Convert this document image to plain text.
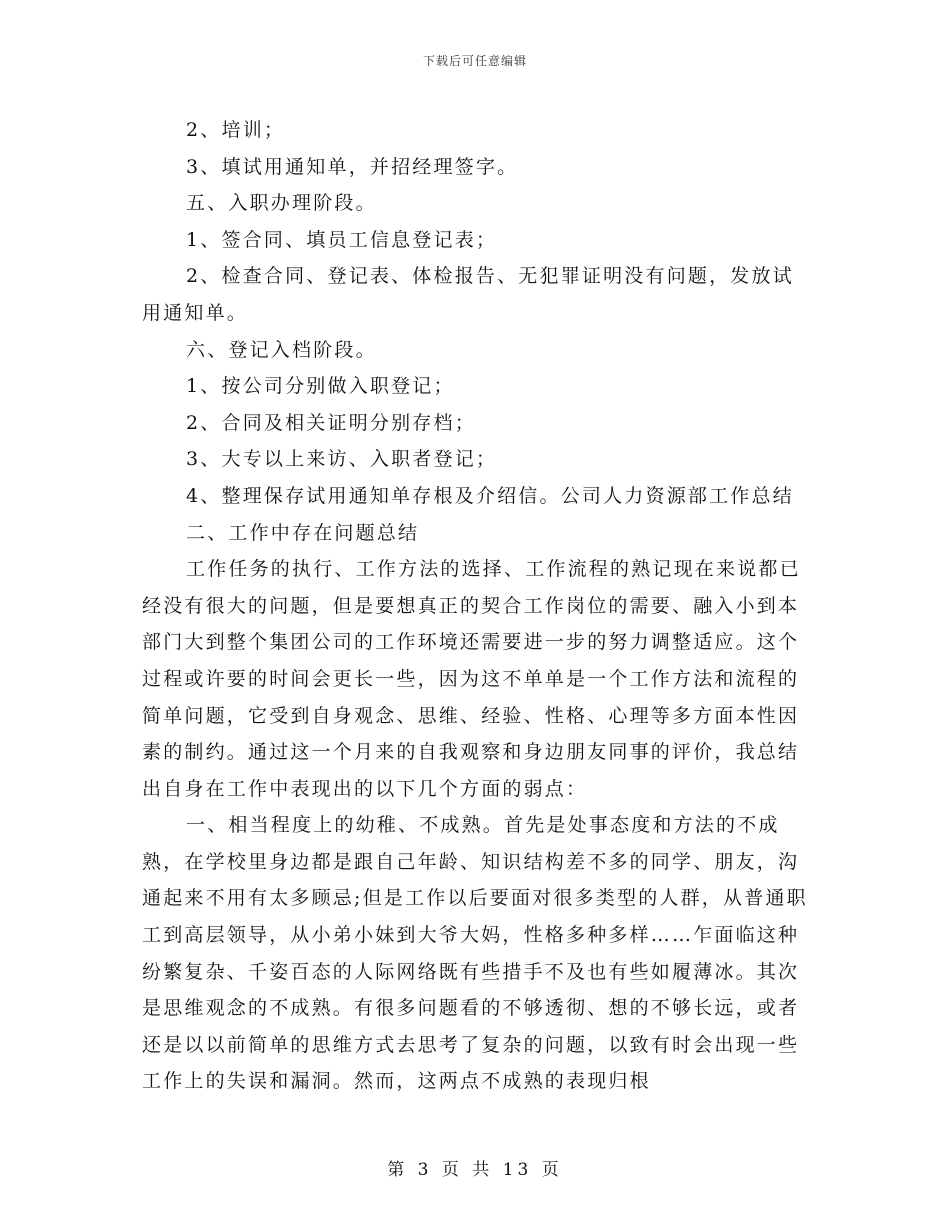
下载后可任意编辑

2、培训；

3、填试用通知单，并招经理签字。

五、入职办理阶段。

1、签合同、填员工信息登记表；

2、检查合同、登记表、体检报告、无犯罪证明没有问题，发放试用通知单。

六、登记入档阶段。

1、按公司分别做入职登记；

2、合同及相关证明分别存档；

3、大专以上来访、入职者登记；

4、整理保存试用通知单存根及介绍信。公司人力资源部工作总结

二、工作中存在问题总结

工作任务的执行、工作方法的选择、工作流程的熟记现在来说都已经没有很大的问题，但是要想真正的契合工作岗位的需要、融入小到本部门大到整个集团公司的工作环境还需要进一步的努力调整适应。这个过程或许要的时间会更长一些，因为这不单单是一个工作方法和流程的简单问题，它受到自身观念、思维、经验、性格、心理等多方面本性因素的制约。通过这一个月来的自我观察和身边朋友同事的评价，我总结出自身在工作中表现出的以下几个方面的弱点：

一、相当程度上的幼稚、不成熟。首先是处事态度和方法的不成熟，在学校里身边都是跟自己年龄、知识结构差不多的同学、朋友，沟通起来不用有太多顾忌;但是工作以后要面对很多类型的人群，从普通职工到高层领导，从小弟小妹到大爷大妈，性格多种多样……乍面临这种纷繁复杂、千姿百态的人际网络既有些措手不及也有些如履薄冰。其次是思维观念的不成熟。有很多问题看的不够透彻、想的不够长远，或者还是以以前简单的思维方式去思考了复杂的问题，以致有时会出现一些工作上的失误和漏洞。然而，这两点不成熟的表现归根

第 3 页 共 13 页
